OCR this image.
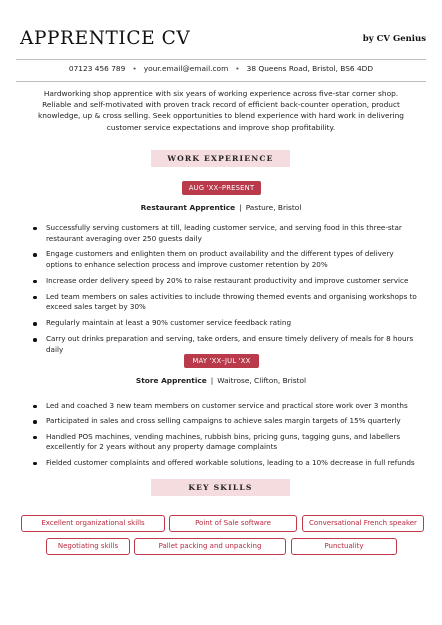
APPRENTICE CV	by CV Genius
07123 456 789 • your.email@email.com • 38 Queens Road, Bristol, BS6 4DD

Hardworking shop apprentice with six years of working experience across five-star corner shop. Reliable and self-motivated with proven track record of efficient back-counter operation, product knowledge, up & cross selling. Seek opportunities to blend experience with hard work in delivering customer service expectations and improve shop profitability.

WORK EXPERIENCE
AUG 'XX–PRESENT
Restaurant Apprentice | Pasture, Bristol
Successfully serving customers at till, leading customer service, and serving food in this three-star restaurant averaging over 250 guests daily
Engage customers and enlighten them on product availability and the different types of delivery options to enhance selection process and improve customer retention by 20%
Increase order delivery speed by 20% to raise restaurant productivity and improve customer service
Led team members on sales activities to include throwing themed events and organising workshops to exceed sales target by 30%
Regularly maintain at least a 90% customer service feedback rating
Carry out drinks preparation and serving, take orders, and ensure timely delivery of meals for 8 hours daily
MAY 'XX–JUL 'XX
Store Apprentice | Waitrose, Clifton, Bristol
Led and coached 3 new team members on customer service and practical store work over 3 months
Participated in sales and cross selling campaigns to achieve sales margin targets of 15% quarterly
Handled POS machines, vending machines, rubbish bins, pricing guns, tagging guns, and labellers excellently for 2 years without any property damage complaints
Fielded customer complaints and offered workable solutions, leading to a 10% decrease in full refunds
KEY SKILLS
Excellent organizational skills	Point of Sale software	Conversational French speaker
Negotiating skills	Pallet packing and unpacking	Punctuality
